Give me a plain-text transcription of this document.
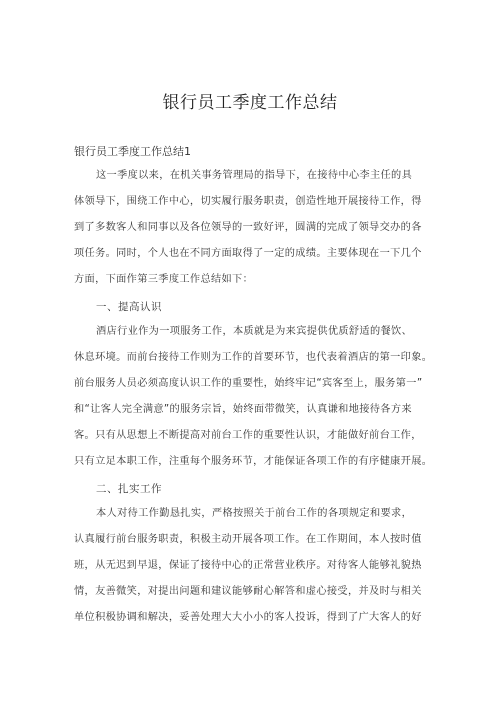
银行员工季度工作总结
银行员工季度工作总结1
这一季度以来，在机关事务管理局的指导下，在接待中心李主任的具
体领导下，围绕工作中心，切实履行服务职责，创造性地开展接待工作，得
到了多数客人和同事以及各位领导的一致好评，圆满的完成了领导交办的各
项任务。同时，个人也在不同方面取得了一定的成绩。主要体现在一下几个
方面，下面作第三季度工作总结如下：
一、提高认识
酒店行业作为一项服务工作，本质就是为来宾提供优质舒适的餐饮、
休息环境。而前台接待工作则为工作的首要环节，也代表着酒店的第一印象。
前台服务人员必须高度认识工作的重要性，始终牢记“宾客至上，服务第一”
和“让客人完全满意”的服务宗旨，始终面带微笑，认真谦和地接待各方来
客。只有从思想上不断提高对前台工作的重要性认识，才能做好前台工作，
只有立足本职工作，注重每个服务环节，才能保证各项工作的有序健康开展。
二、扎实工作
本人对待工作勤恳扎实，严格按照关于前台工作的各项规定和要求，
认真履行前台服务职责，积极主动开展各项工作。在工作期间，本人按时值
班，从无迟到早退，保证了接待中心的正常营业秩序。对待客人能够礼貌热
情，友善微笑，对提出问题和建议能够耐心解答和虚心接受，并及时与相关
单位积极协调和解决，妥善处理大大小小的客人投诉，得到了广大客人的好
